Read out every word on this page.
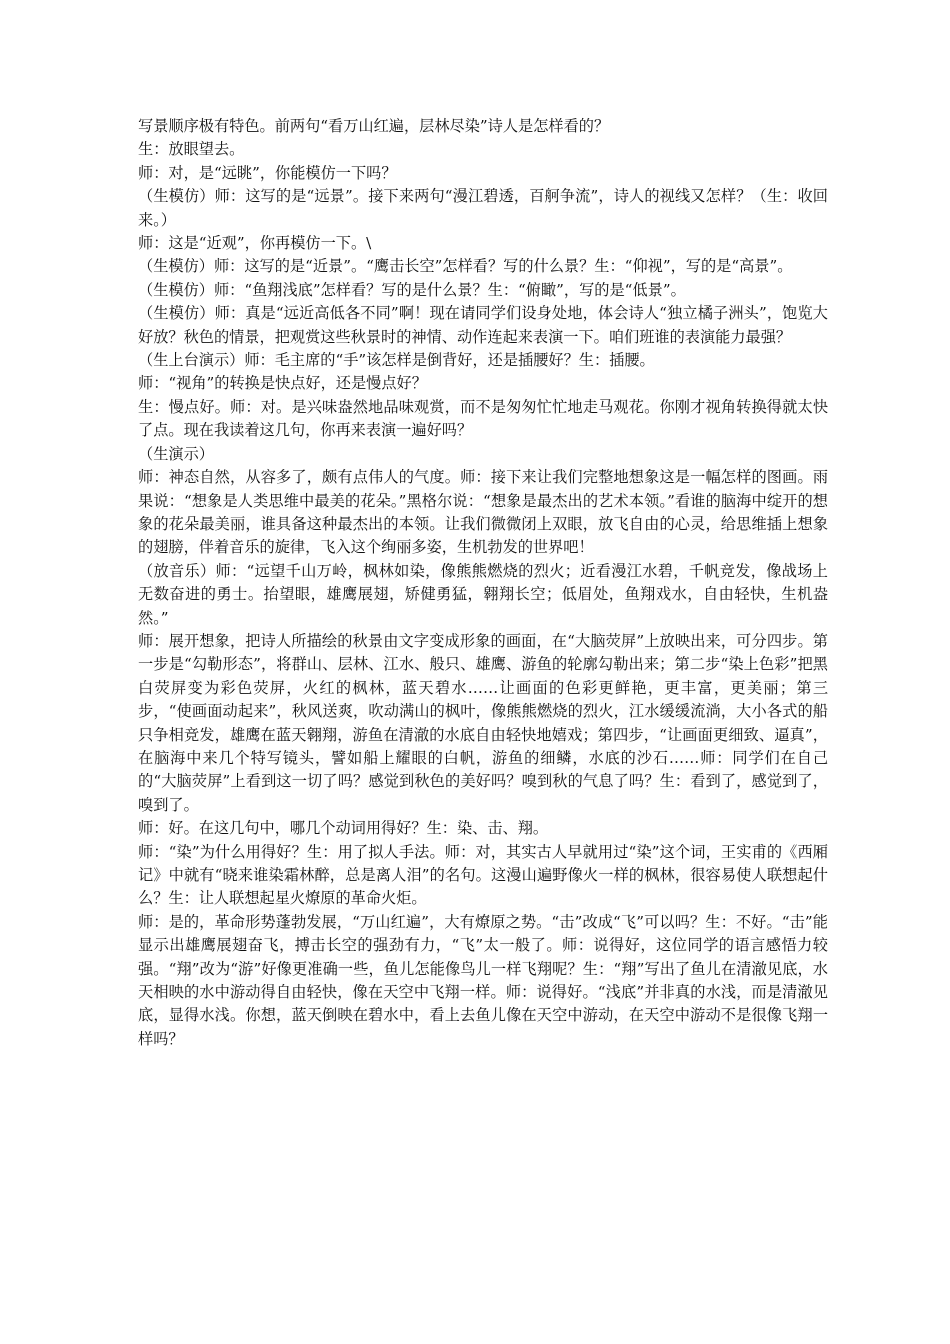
写景顺序极有特色。前两句“看万山红遍，层林尽染”诗人是怎样看的？

生：放眼望去。

师：对，是“远眺”，你能模仿一下吗？

（生模仿）师：这写的是“远景”。接下来两句“漫江碧透，百舸争流”，诗人的视线又怎样？（生：收回来。）

师：这是“近观”，你再模仿一下。\

（生模仿）师：这写的是“近景”。“鹰击长空”怎样看？写的什么景？生：“仰视”，写的是“高景”。

（生模仿）师：“鱼翔浅底”怎样看？写的是什么景？生：“俯瞰”，写的是“低景”。

（生模仿）师：真是“远近高低各不同”啊！现在请同学们设身处地，体会诗人“独立橘子洲头”，饱览大好放？秋色的情景，把观赏这些秋景时的神情、动作连起来表演一下。咱们班谁的表演能力最强？

（生上台演示）师：毛主席的“手”该怎样是倒背好，还是插腰好？生：插腰。

师：“视角”的转换是快点好，还是慢点好？

生：慢点好。师：对。是兴味盎然地品味观赏，而不是匆匆忙忙地走马观花。你刚才视角转换得就太快了点。现在我读着这几句，你再来表演一遍好吗？

（生演示）

师：神态自然，从容多了，颇有点伟人的气度。师：接下来让我们完整地想象这是一幅怎样的图画。雨果说：“想象是人类思维中最美的花朵。”黑格尔说：“想象是最杰出的艺术本领。”看谁的脑海中绽开的想象的花朵最美丽，谁具备这种最杰出的本领。让我们微微闭上双眼，放飞自由的心灵，给思维插上想象的翅膀，伴着音乐的旋律，飞入这个绚丽多姿，生机勃发的世界吧！

（放音乐）师：“远望千山万岭，枫林如染，像熊熊燃烧的烈火；近看漫江水碧，千帆竞发，像战场上无数奋进的勇士。抬望眼，雄鹰展翅，矫健勇猛，翱翔长空；低眉处，鱼翔戏水，自由轻快，生机盎然。”

师：展开想象，把诗人所描绘的秋景由文字变成形象的画面，在“大脑荧屏”上放映出来，可分四步。第一步是“勾勒形态”，将群山、层林、江水、般只、雄鹰、游鱼的轮廓勾勒出来；第二步“染上色彩”把黑白荧屏变为彩色荧屏，火红的枫林，蓝天碧水……让画面的色彩更鲜艳，更丰富，更美丽；第三步，“使画面动起来”，秋风送爽，吹动满山的枫叶，像熊熊燃烧的烈火，江水缓缓流淌，大小各式的船只争相竞发，雄鹰在蓝天翱翔，游鱼在清澈的水底自由轻快地嬉戏；第四步，“让画面更细致、逼真”，在脑海中来几个特写镜头，譬如船上耀眼的白帆，游鱼的细鳞，水底的沙石……师：同学们在自己的“大脑荧屏”上看到这一切了吗？感觉到秋色的美好吗？嗅到秋的气息了吗？生：看到了，感觉到了，嗅到了。

师：好。在这几句中，哪几个动词用得好？生：染、击、翔。

师：“染”为什么用得好？生：用了拟人手法。师：对，其实古人早就用过“染”这个词，王实甫的《西厢记》中就有“晓来谁染霜林醉，总是离人泪”的名句。这漫山遍野像火一样的枫林，很容易使人联想起什么？生：让人联想起星火燎原的革命火炬。

师：是的，革命形势蓬勃发展，“万山红遍”，大有燎原之势。“击”改成“飞”可以吗？生：不好。“击”能显示出雄鹰展翅奋飞，搏击长空的强劲有力，“飞”太一般了。师：说得好，这位同学的语言感悟力较强。“翔”改为“游”好像更准确一些，鱼儿怎能像鸟儿一样飞翔呢？生：“翔”写出了鱼儿在清澈见底，水天相映的水中游动得自由轻快，像在天空中飞翔一样。师：说得好。“浅底”并非真的水浅，而是清澈见底，显得水浅。你想，蓝天倒映在碧水中，看上去鱼儿像在天空中游动，在天空中游动不是很像飞翔一样吗？
